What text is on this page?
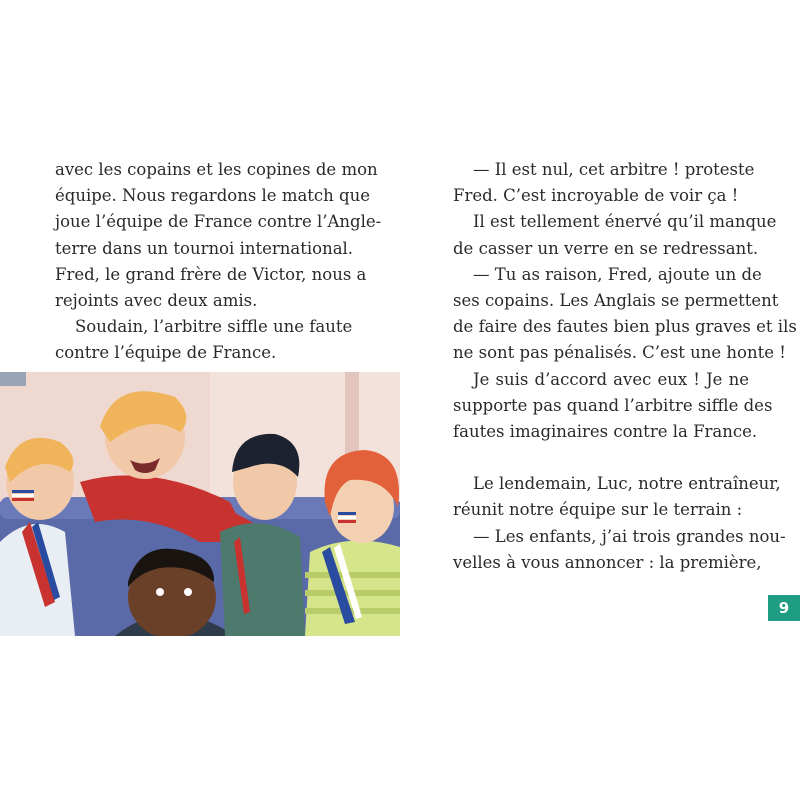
avec les copains et les copines de mon
équipe. Nous regardons le match que
joue l’équipe de France contre l’Angle-
terre dans un tournoi international.
Fred, le grand frère de Victor, nous a
rejoints avec deux amis.

Soudain, l’arbitre siffle une faute
contre l’équipe de France.

— Il est nul, cet arbitre ! proteste
Fred. C’est incroyable de voir ça !

Il est tellement énervé qu’il manque
de casser un verre en se redressant.

— Tu as raison, Fred, ajoute un de
ses copains. Les Anglais se permettent
de faire des fautes bien plus graves et ils
ne sont pas pénalisés. C’est une honte !

Je suis d’accord avec eux ! Je ne
supporte pas quand l’arbitre siffle des
fautes imaginaires contre la France.

Le lendemain, Luc, notre entraîneur,
réunit notre équipe sur le terrain :

— Les enfants, j’ai trois grandes nou-
velles à vous annoncer : la première,

9
